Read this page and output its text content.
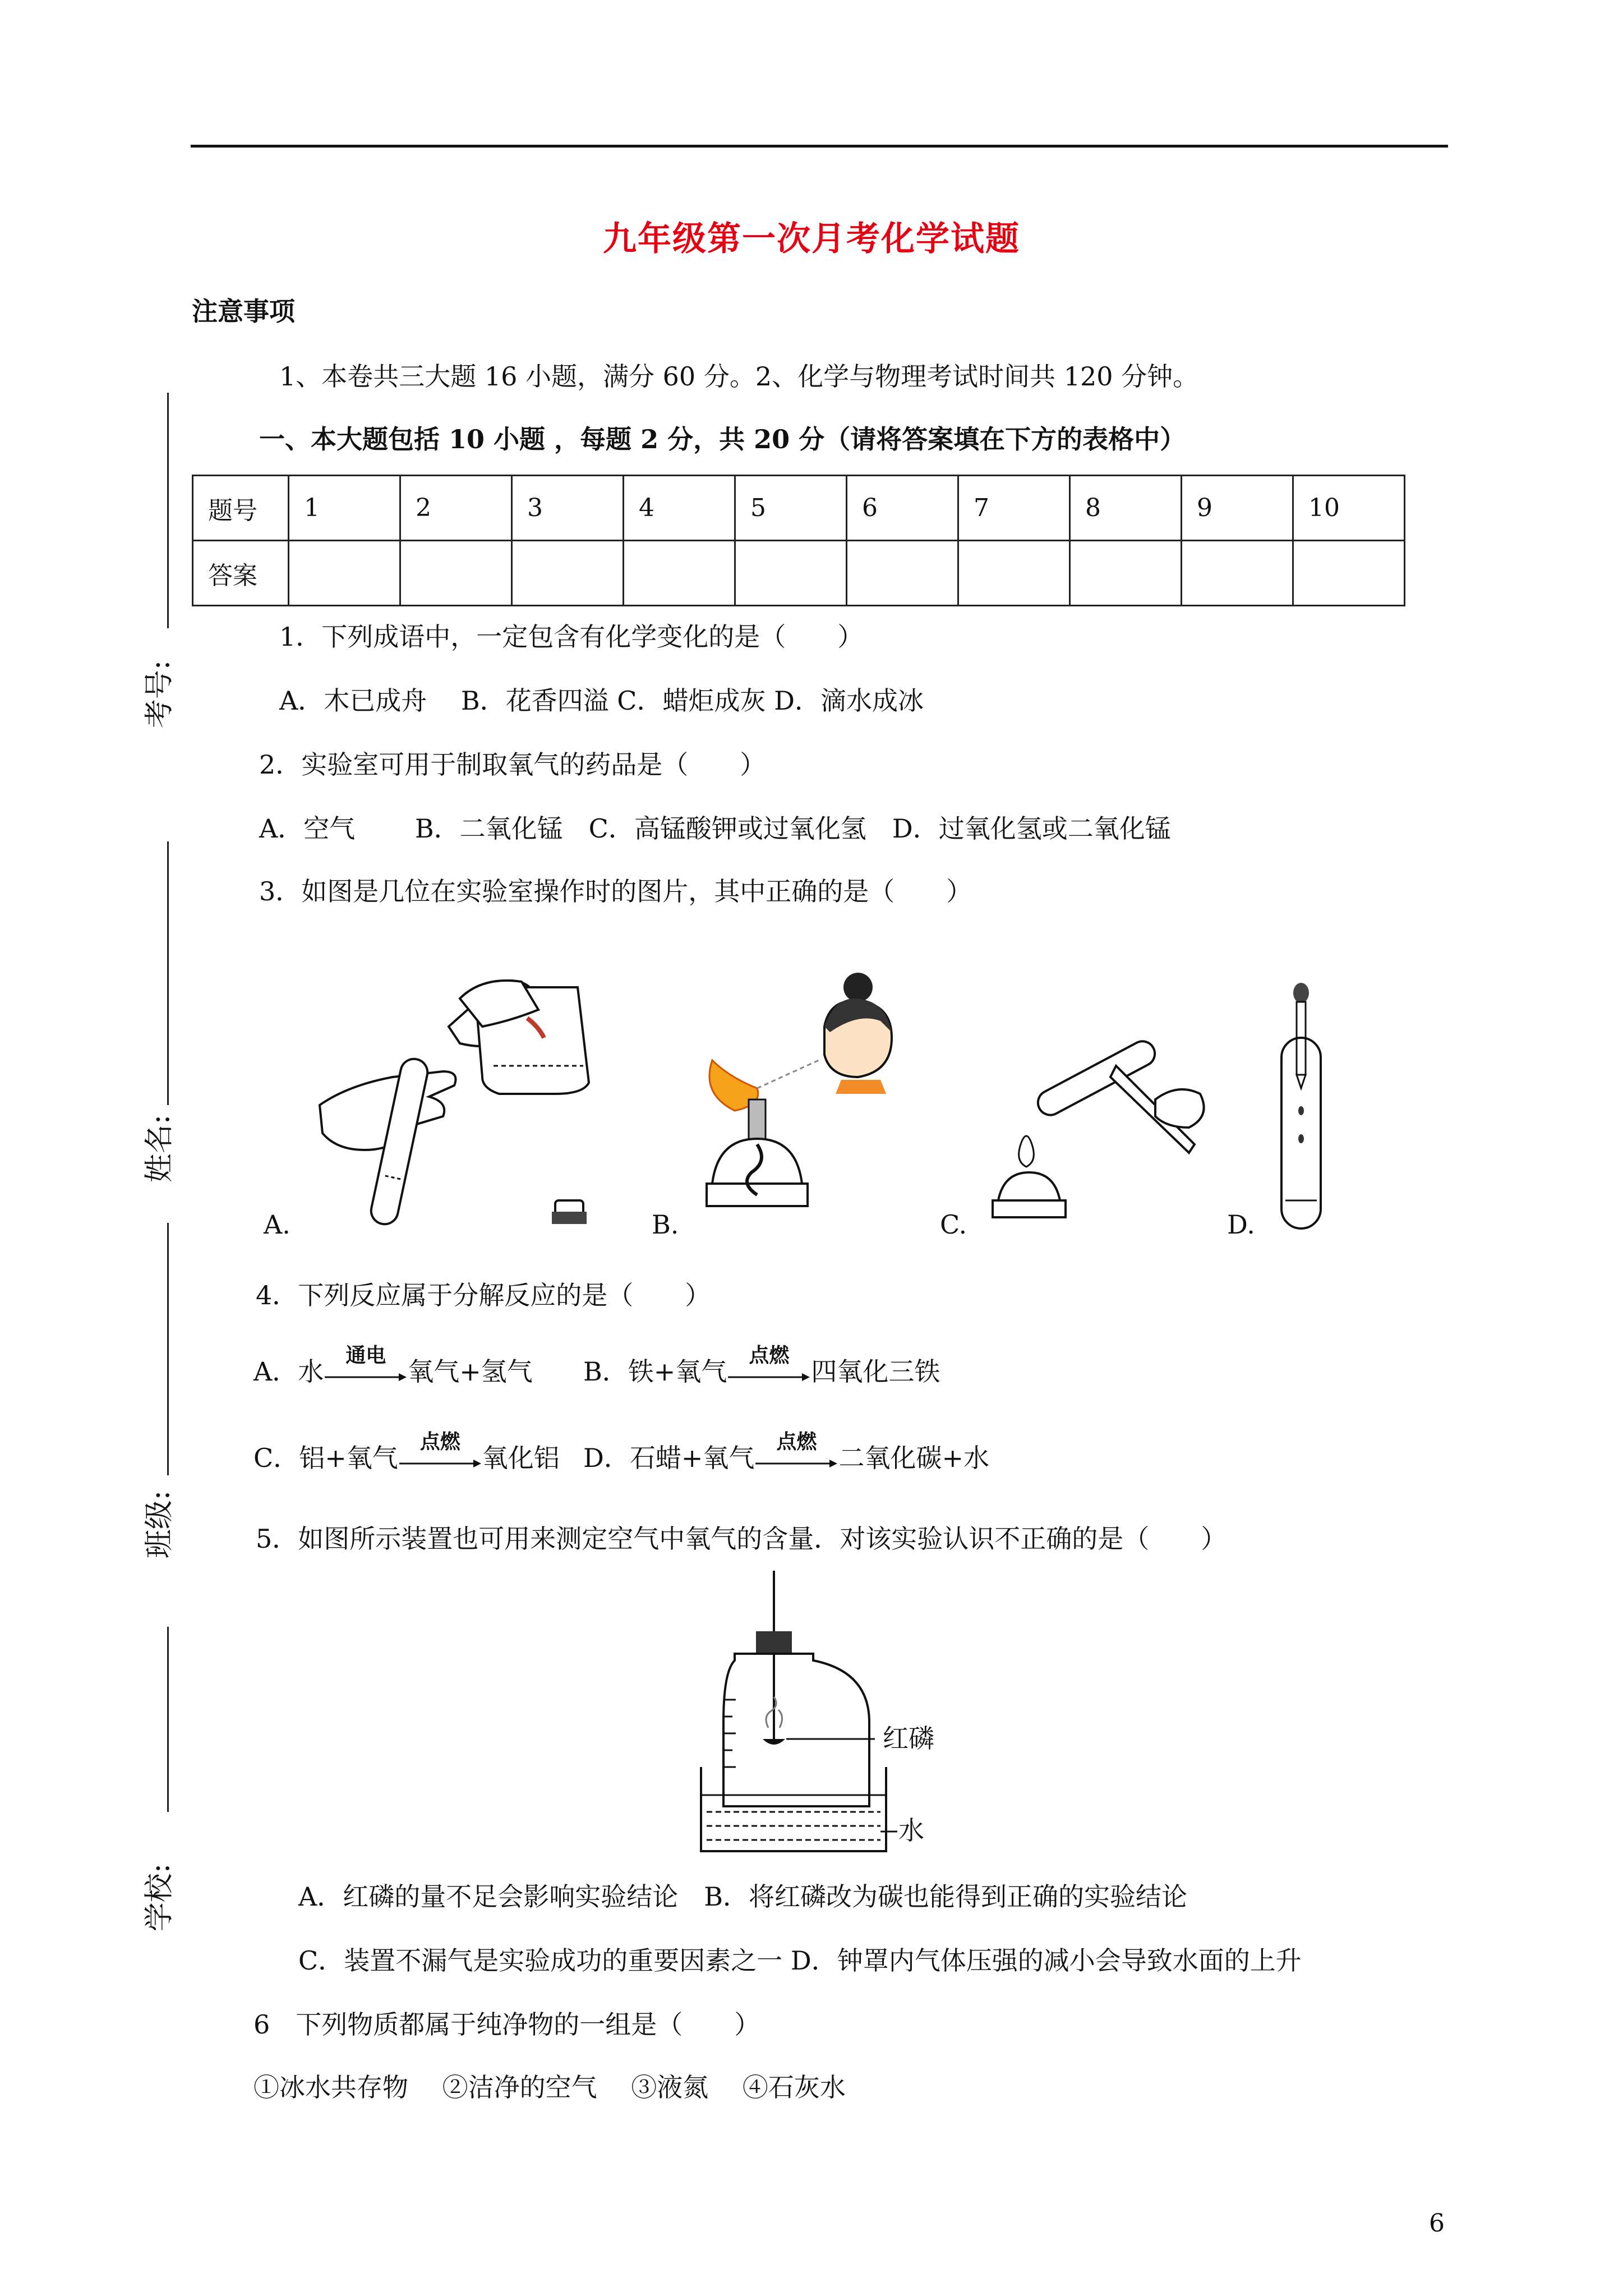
九年级第一次月考化学试题
注意事项
1、本卷共三大题 16 小题，满分 60 分。2、化学与物理考试时间共 120 分钟。
一、本大题包括 10 小题 ，每题 2 分，共 20 分（请将答案填在下方的表格中）
题号	1	2	3	4	5	6	7	8	9	10
答案										
考号:
姓名:
班级:
学校:
1．下列成语中，一定包含有化学变化的是（　　）
A．木已成舟　 B．花香四溢 C．蜡炬成灰 D．滴水成冰
2．实验室可用于制取氧气的药品是（　　）
A．空气　　 B．二氧化锰　C．高锰酸钾或过氧化氢　D．过氧化氢或二氧化锰
3．如图是几位在实验室操作时的图片，其中正确的是（　　）
A.	B.	C.	D.
4．下列反应属于分解反应的是（　　）
A．水
通电
氧气+氢气 B．铁+氧气
点燃
四氧化三铁
C．铝+氧气
点燃
氧化铝 D．石蜡+氧气
点燃
二氧化碳+水
5．如图所示装置也可用来测定空气中氧气的含量．对该实验认识不正确的是（　　）
红磷
水
A．红磷的量不足会影响实验结论　B．将红磷改为碳也能得到正确的实验结论
C．装置不漏气是实验成功的重要因素之一 D．钟罩内气体压强的减小会导致水面的上升
6　下列物质都属于纯净物的一组是（　　）
①冰水共存物　 ②洁净的空气　 ③液氮　 ④石灰水
6
